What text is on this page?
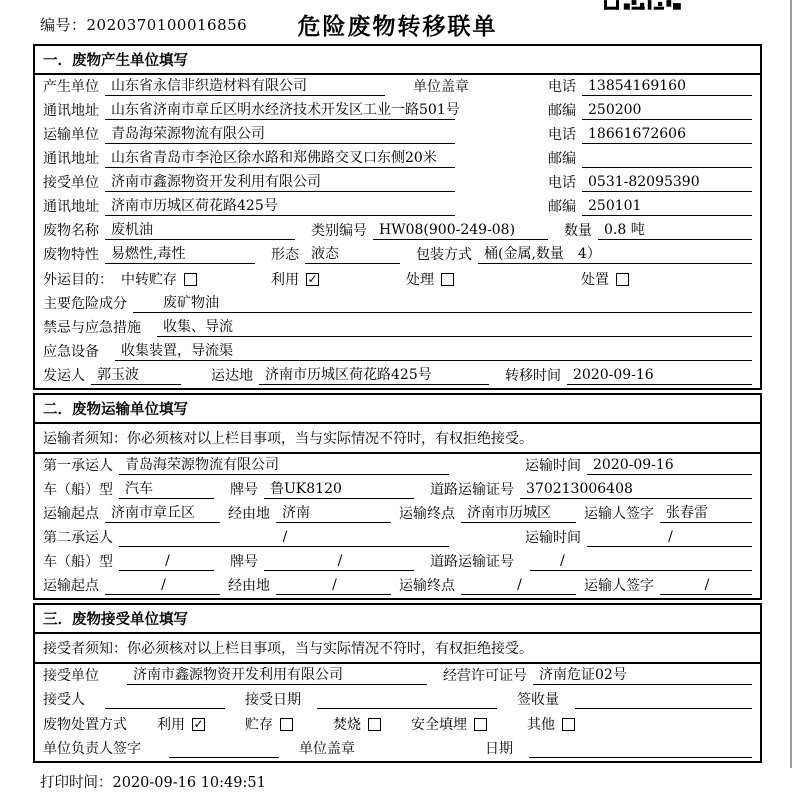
编号：2020370100016856	危险废物转移联单
一．废物产生单位填写
产生单位 山东省永信非织造材料有限公司	单位盖章	电话 13854169160
通讯地址 山东省济南市章丘区明水经济技术开发区工业一路501号	邮编 250200
运输单位 青岛海荣源物流有限公司	电话 18661672606
通讯地址 山东省青岛市李沧区徐水路和郑佛路交叉口东侧20米	邮编
接受单位 济南市鑫源物资开发利用有限公司	电话 0531-82095390
通讯地址 济南市历城区荷花路425号	邮编 250101
废物名称 废机油	类别编号 HW08(900-249-08)	数量 0.8 吨
废物特性 易燃性,毒性	形态 液态	包装方式 桶(金属,数量　4）
外运目的： 中转贮存	利用 ✓	处理	处置
主要危险成分	废矿物油
禁忌与应急措施	收集、导流
应急设备	收集装置，导流渠
发运人 郭玉波	运达地 济南市历城区荷花路425号	转移时间 2020-09-16
二．废物运输单位填写
运输者须知：你必须核对以上栏目事项，当与实际情况不符时，有权拒绝接受。
第一承运人 青岛海荣源物流有限公司	运输时间 2020-09-16
车（船）型 汽车	牌号 鲁UK8120	道路运输证号 370213006408
运输起点 济南市章丘区	经由地 济南	运输终点 济南市历城区	运输人签字 张春雷
第二承运人	/	运输时间	/
车（船）型	/	牌号	/	道路运输证号	/
运输起点	/	经由地	/	运输终点	/	运输人签字	/
三．废物接受单位填写
接受者须知：你必须核对以上栏目事项，当与实际情况不符时，有权拒绝接受。
接受单位	济南市鑫源物资开发利用有限公司	经营许可证号 济南危证02号
接受人	接受日期	签收量
废物处置方式 利用 ✓	贮存	焚烧	安全填埋	其他
单位负责人签字	单位盖章	日期
打印时间：2020-09-16 10:49:51
